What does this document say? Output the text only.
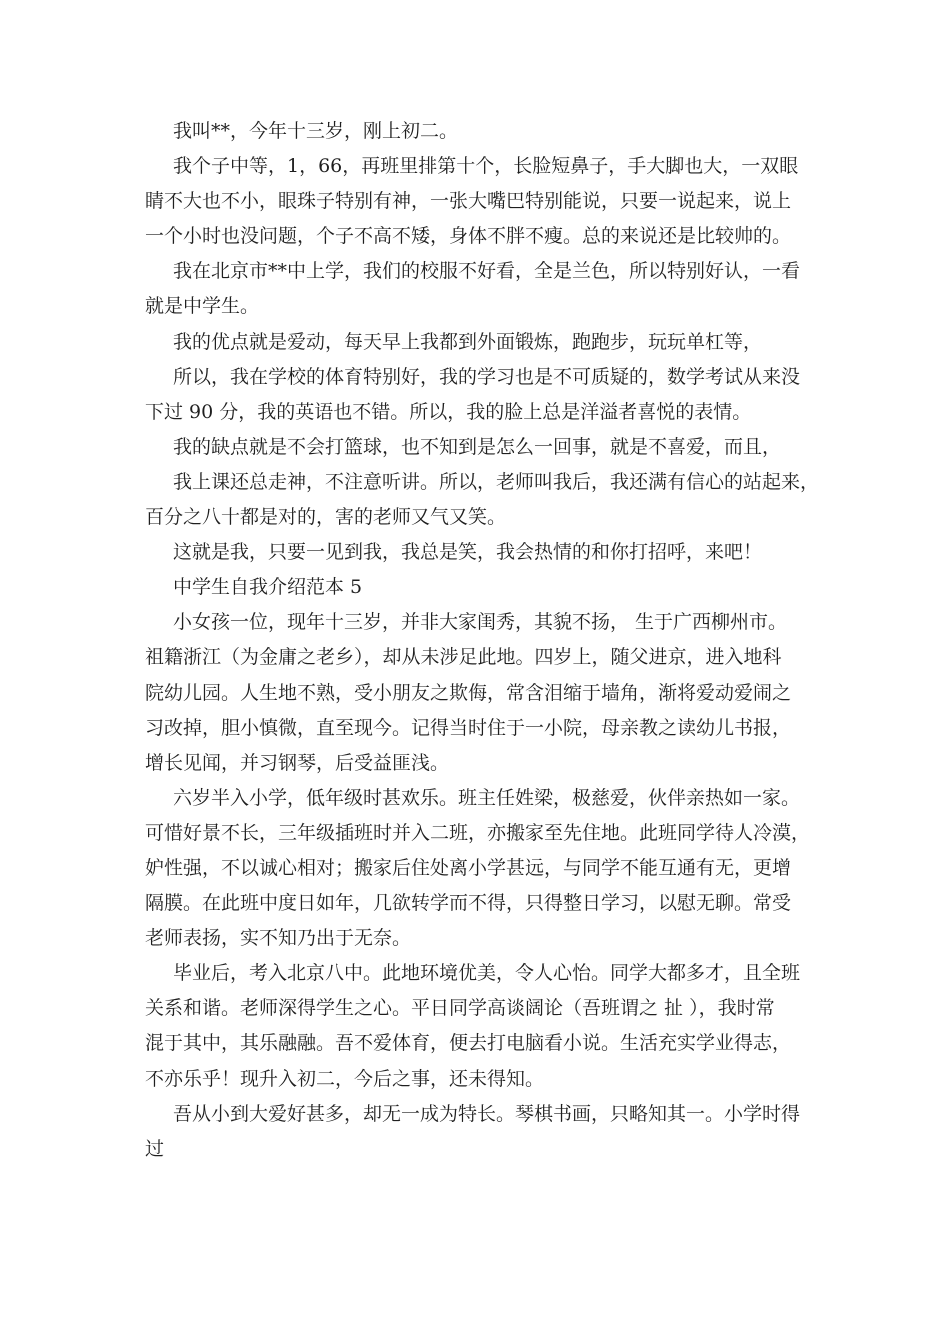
我叫**，今年十三岁，刚上初二。
我个子中等，1，66，再班里排第十个，长脸短鼻子，手大脚也大，一双眼
睛不大也不小，眼珠子特别有神，一张大嘴巴特别能说，只要一说起来，说上
一个小时也没问题，个子不高不矮，身体不胖不瘦。总的来说还是比较帅的。
我在北京市**中上学，我们的校服不好看，全是兰色，所以特别好认，一看
就是中学生。
我的优点就是爱动，每天早上我都到外面锻炼，跑跑步，玩玩单杠等，
所以，我在学校的体育特别好，我的学习也是不可质疑的，数学考试从来没
下过 90 分，我的英语也不错。所以，我的脸上总是洋溢者喜悦的表情。
我的缺点就是不会打篮球，也不知到是怎么一回事，就是不喜爱，而且，
我上课还总走神，不注意听讲。所以，老师叫我后，我还满有信心的站起来，
百分之八十都是对的，害的老师又气又笑。
这就是我，只要一见到我，我总是笑，我会热情的和你打招呼，来吧！
中学生自我介绍范本 5
小女孩一位，现年十三岁，并非大家闺秀，其貌不扬， 生于广西柳州市。
祖籍浙江（为金庸之老乡），却从未涉足此地。四岁上，随父进京，进入地科
院幼儿园。人生地不熟，受小朋友之欺侮，常含泪缩于墙角，渐将爱动爱闹之
习改掉，胆小慎微，直至现今。记得当时住于一小院，母亲教之读幼儿书报，
增长见闻，并习钢琴，后受益匪浅。
六岁半入小学，低年级时甚欢乐。班主任姓梁，极慈爱，伙伴亲热如一家。
可惜好景不长，三年级插班时并入二班，亦搬家至先住地。此班同学待人冷漠，
妒性强，不以诚心相对；搬家后住处离小学甚远，与同学不能互通有无，更增
隔膜。在此班中度日如年，几欲转学而不得，只得整日学习，以慰无聊。常受
老师表扬，实不知乃出于无奈。
毕业后，考入北京八中。此地环境优美，令人心怡。同学大都多才，且全班
关系和谐。老师深得学生之心。平日同学高谈阔论（吾班谓之 扯 ），我时常
混于其中，其乐融融。吾不爱体育，便去打电脑看小说。生活充实学业得志，
不亦乐乎！现升入初二，今后之事，还未得知。
吾从小到大爱好甚多，却无一成为特长。琴棋书画，只略知其一。小学时得
过
